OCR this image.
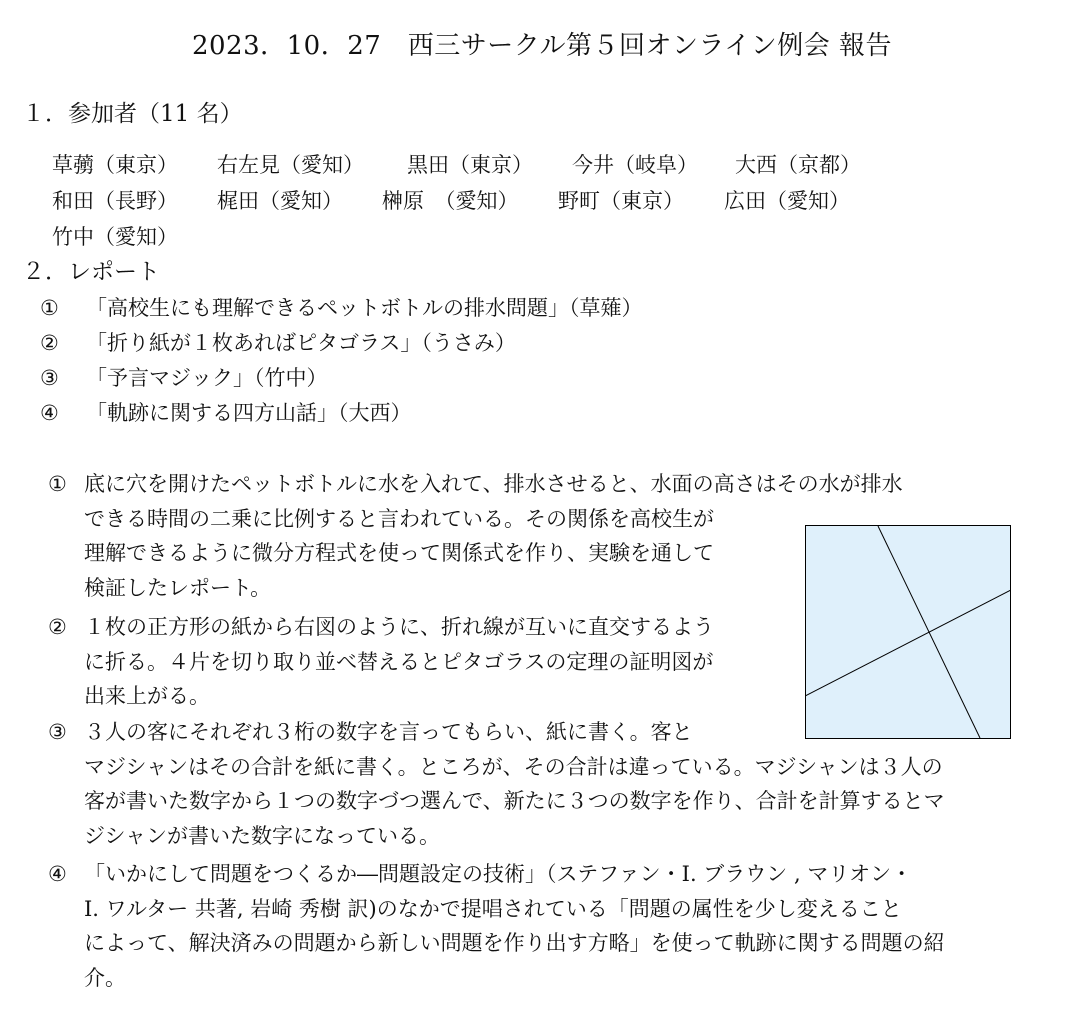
2023．10．27　西三サークル第５回オンライン例会 報告
１．参加者（11 名）
草𦿶（東京） 右左見（愛知） 黒田（東京） 今井（岐阜） 大西（京都）
和田（長野） 梶田（愛知） 榊原　（愛知） 野町（東京） 広田（愛知）
竹中（愛知）
２．レポート
① 「高校生にも理解できるペットボトルの排水問題」（草薙）
② 「折り紙が１枚あればピタゴラス」（うさみ）
③ 「予言マジック」（竹中）
④ 「軌跡に関する四方山話」（大西）
① 底に穴を開けたペットボトルに水を入れて、排水させると、水面の高さはその水が排水
できる時間の二乗に比例すると言われている。その関係を高校生が
理解できるように微分方程式を使って関係式を作り、実験を通して
検証したレポート。
② １枚の正方形の紙から右図のように、折れ線が互いに直交するよう
に折る。４片を切り取り並べ替えるとピタゴラスの定理の証明図が
出来上がる。
③ ３人の客にそれぞれ３桁の数字を言ってもらい、紙に書く。客と
マジシャンはその合計を紙に書く。ところが、その合計は違っている。マジシャンは３人の
客が書いた数字から１つの数字づつ選んで、新たに３つの数字を作り、合計を計算するとマ
ジシャンが書いた数字になっている。
④ 「いかにして問題をつくるか―問題設定の技術」（ステファン・I. ブラウン , マリオン・
I. ワルター 共著, 岩崎 秀樹 訳)のなかで提唱されている「問題の属性を少し変えること
によって、解決済みの問題から新しい問題を作り出す方略」を使って軌跡に関する問題の紹
介。
